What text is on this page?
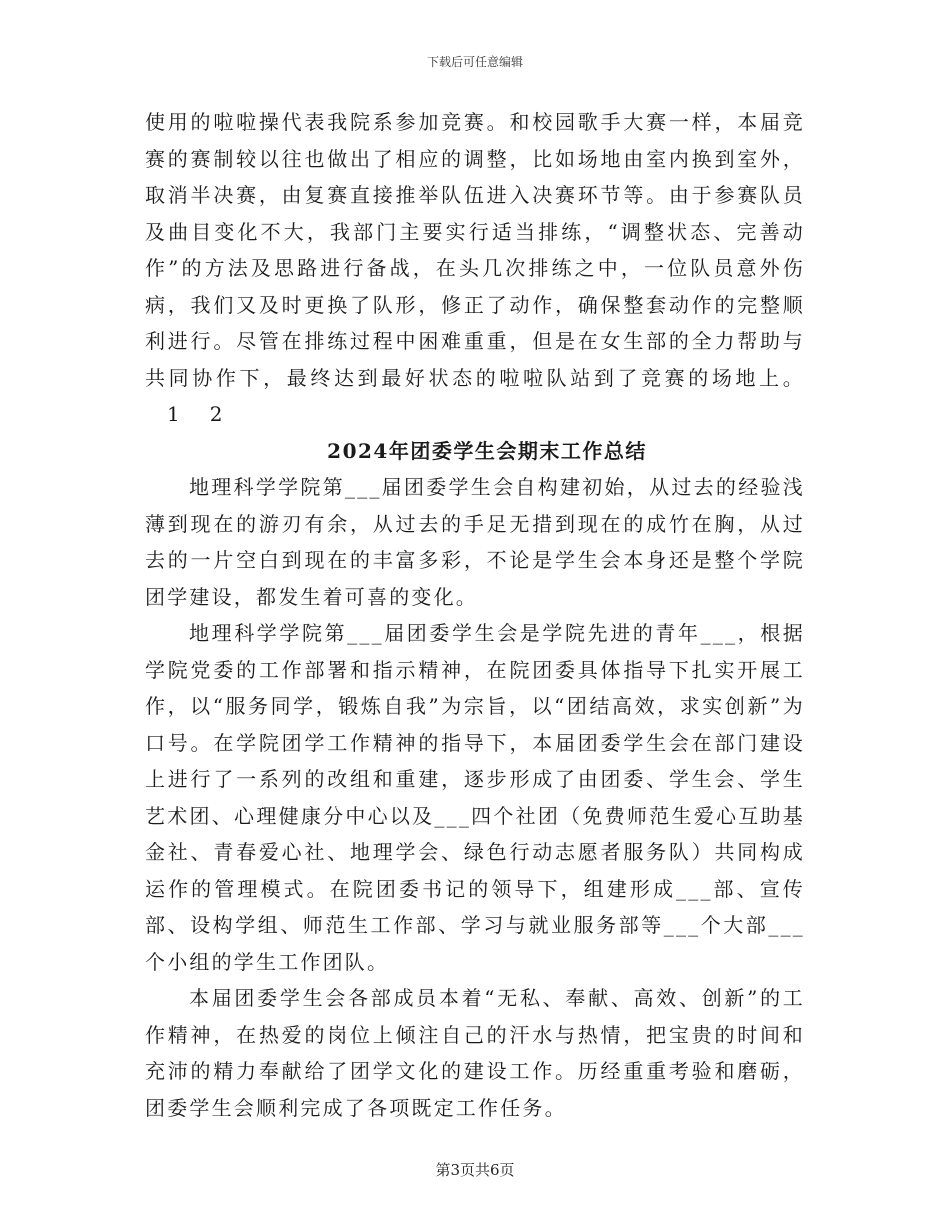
下载后可任意编辑

使用的啦啦操代表我院系参加竞赛。和校园歌手大赛一样，本届竞赛的赛制较以往也做出了相应的调整，比如场地由室内换到室外，取消半决赛，由复赛直接推举队伍进入决赛环节等。由于参赛队员及曲目变化不大，我部门主要实行适当排练，“调整状态、完善动作”的方法及思路进行备战，在头几次排练之中，一位队员意外伤病，我们又及时更换了队形，修正了动作，确保整套动作的完整顺利进行。尽管在排练过程中困难重重，但是在女生部的全力帮助与共同协作下，最终达到最好状态的啦啦队站到了竞赛的场地上。1 2

2024年团委学生会期末工作总结

地理科学学院第___届团委学生会自构建初始，从过去的经验浅薄到现在的游刃有余，从过去的手足无措到现在的成竹在胸，从过去的一片空白到现在的丰富多彩，不论是学生会本身还是整个学院团学建设，都发生着可喜的变化。

地理科学学院第___届团委学生会是学院先进的青年___，根据学院党委的工作部署和指示精神，在院团委具体指导下扎实开展工作，以“服务同学，锻炼自我”为宗旨，以“团结高效，求实创新”为口号。在学院团学工作精神的指导下，本届团委学生会在部门建设上进行了一系列的改组和重建，逐步形成了由团委、学生会、学生艺术团、心理健康分中心以及___四个社团（免费师范生爱心互助基金社、青春爱心社、地理学会、绿色行动志愿者服务队）共同构成运作的管理模式。在院团委书记的领导下，组建形成___部、宣传部、设构学组、师范生工作部、学习与就业服务部等___个大部___个小组的学生工作团队。

本届团委学生会各部成员本着“无私、奉献、高效、创新”的工作精神，在热爱的岗位上倾注自己的汗水与热情，把宝贵的时间和充沛的精力奉献给了团学文化的建设工作。历经重重考验和磨砺，团委学生会顺利完成了各项既定工作任务。

第3页共6页
